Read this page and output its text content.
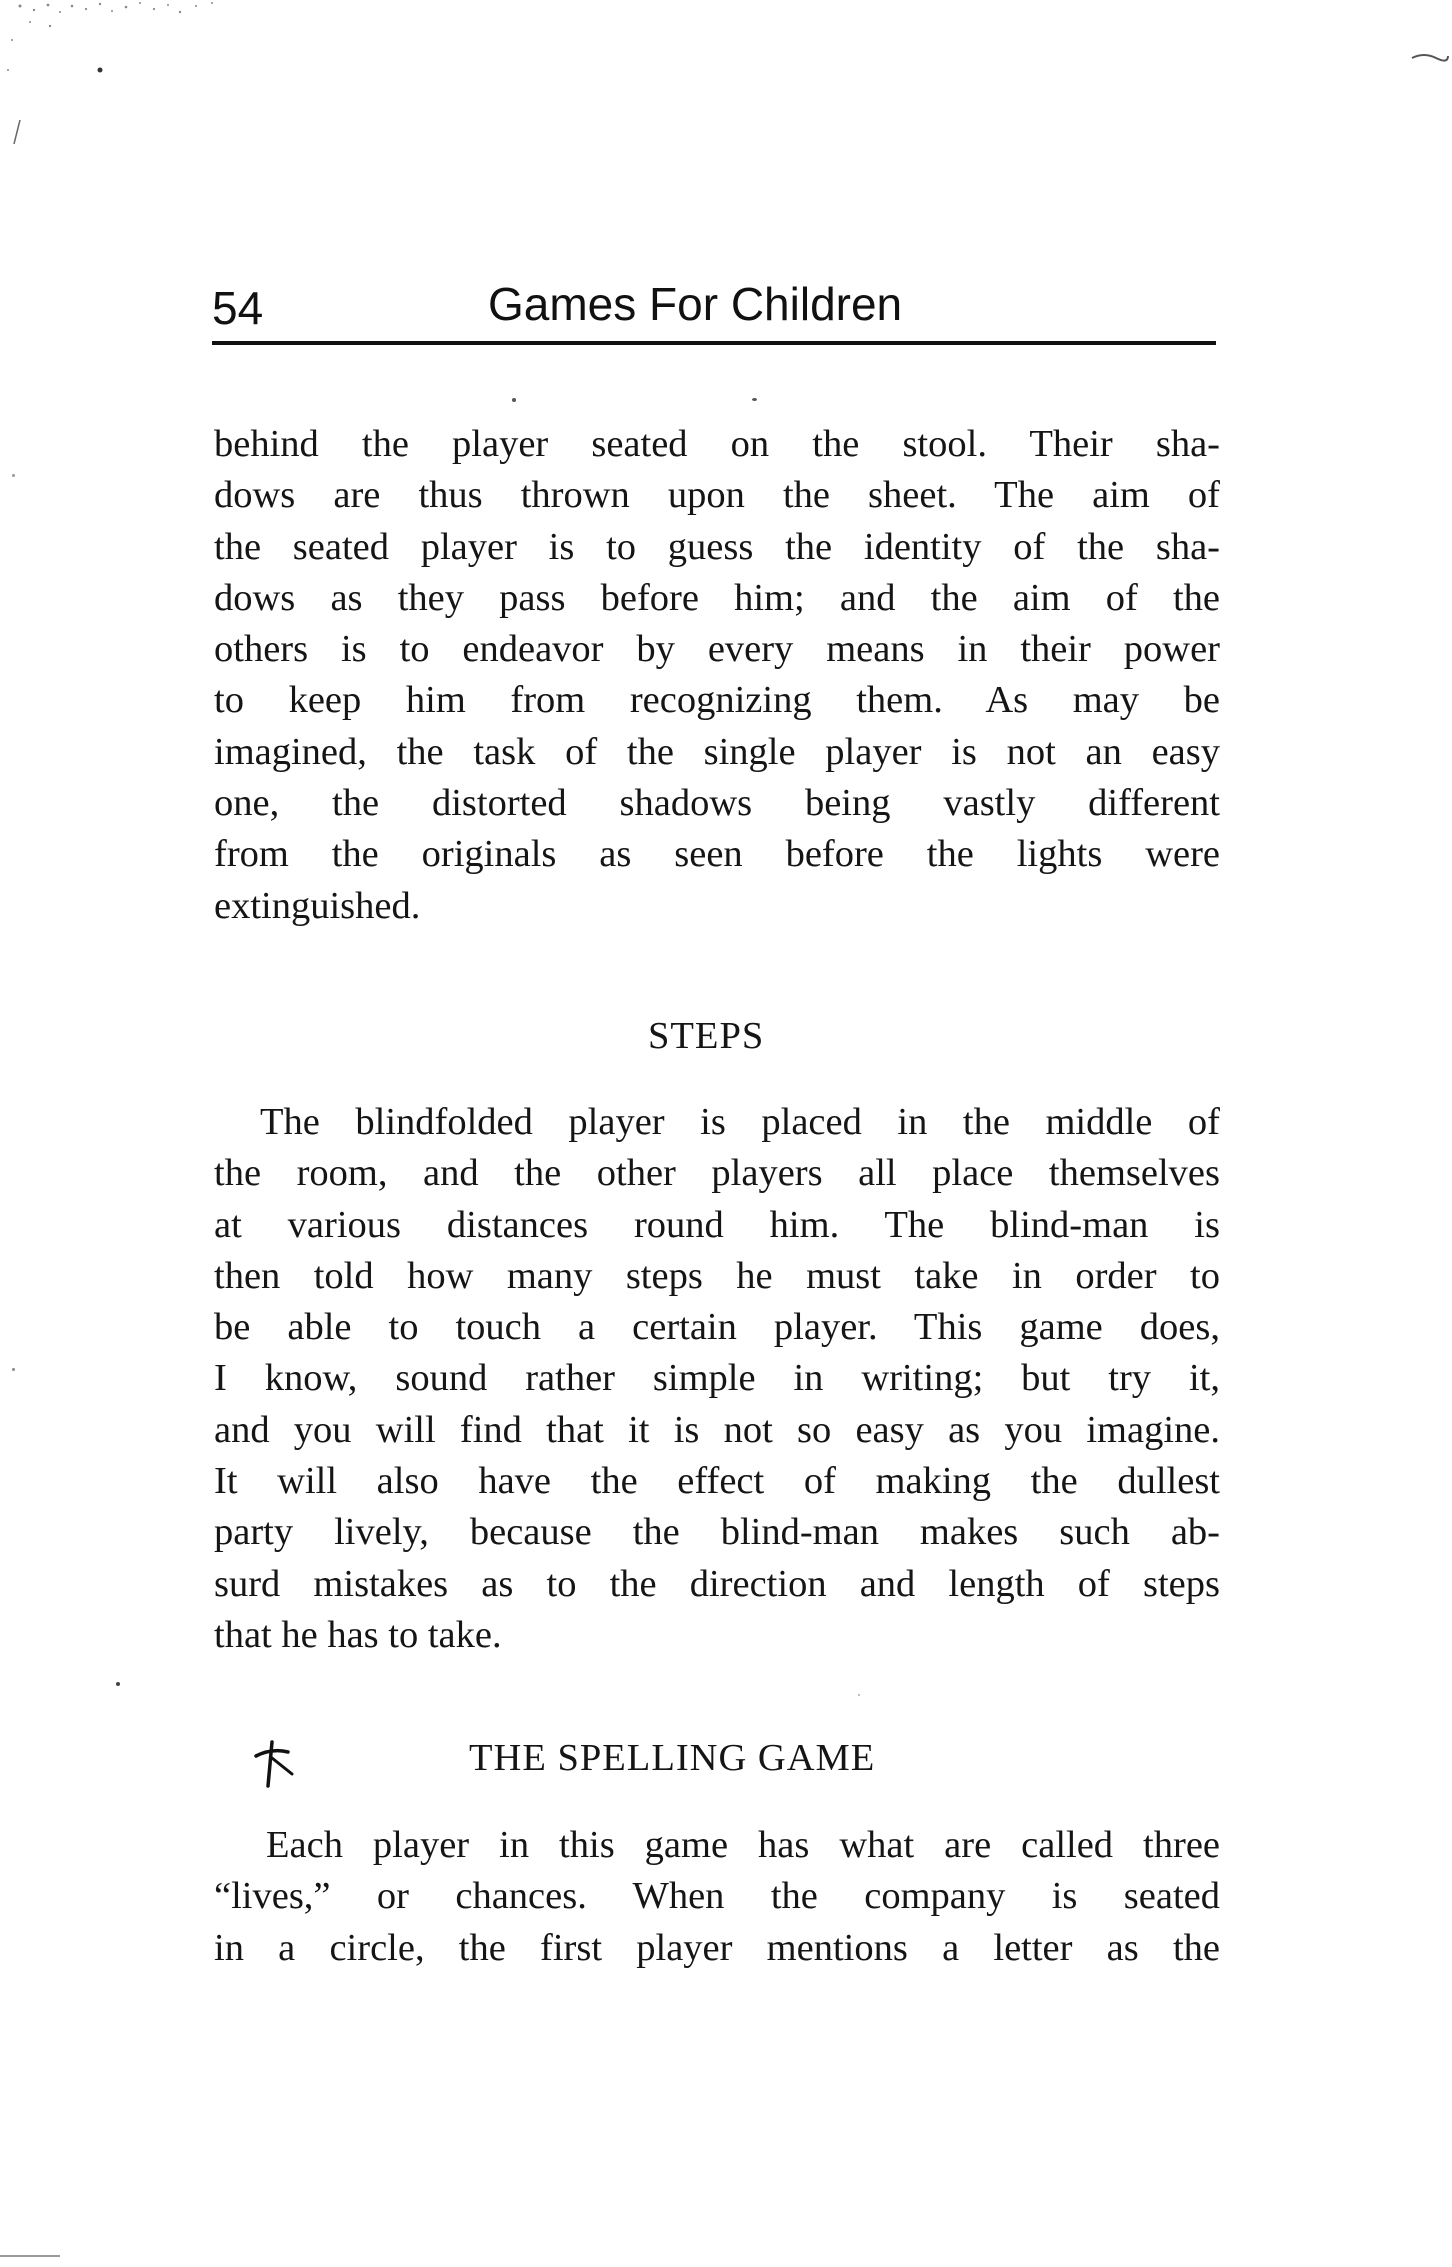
54	Games For Children
behind the player seated on the stool. Their sha-
dows are thus thrown upon the sheet. The aim of
the seated player is to guess the identity of the sha-
dows as they pass before him; and the aim of the
others is to endeavor by every means in their power
to keep him from recognizing them. As may be
imagined, the task of the single player is not an easy
one, the distorted shadows being vastly different
from the originals as seen before the lights were
extinguished.
STEPS
The blindfolded player is placed in the middle of
the room, and the other players all place themselves
at various distances round him. The blind-man is
then told how many steps he must take in order to
be able to touch a certain player. This game does,
I know, sound rather simple in writing; but try it,
and you will find that it is not so easy as you imagine.
It will also have the effect of making the dullest
party lively, because the blind-man makes such ab-
surd mistakes as to the direction and length of steps
that he has to take.
THE SPELLING GAME
Each player in this game has what are called three
“lives,” or chances. When the company is seated
in a circle, the first player mentions a letter as the
